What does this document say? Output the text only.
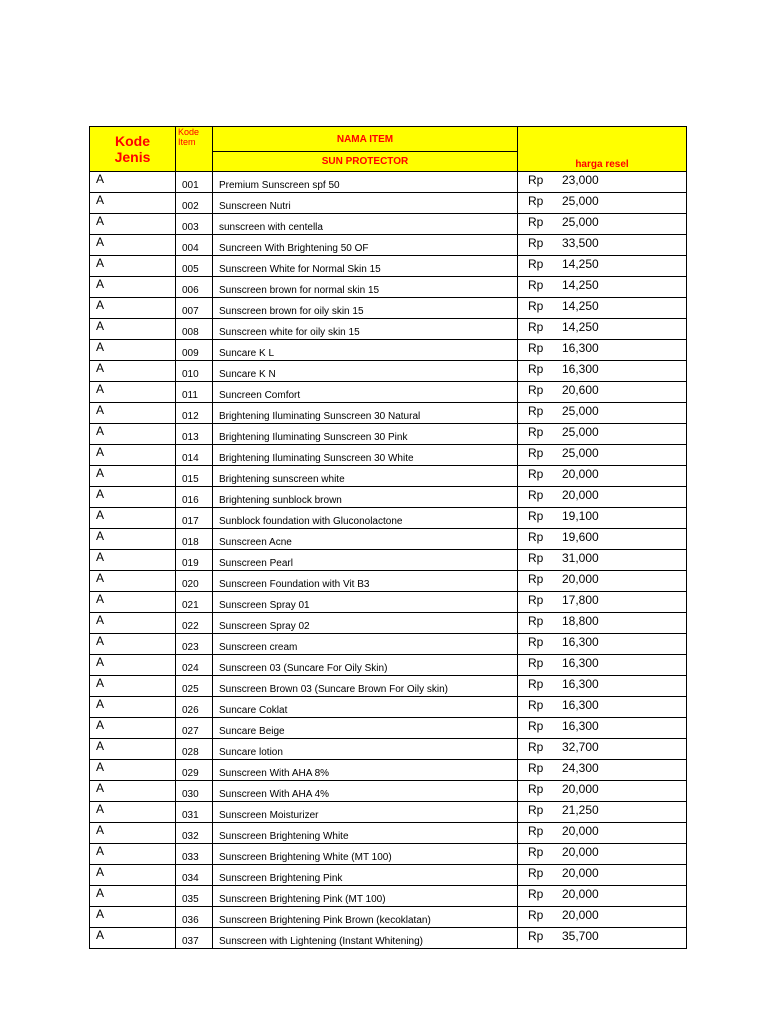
Kode Jenis	Kode Item	NAMA ITEM	harga resel
		SUN PROTECTOR	
A	001	Premium Sunscreen spf 50	Rp 23,000

A	002	Sunscreen Nutri	Rp 25,000

A	003	sunscreen with centella	Rp 25,000

A	004	Suncreen With Brightening 50 OF	Rp 33,500

A	005	Sunscreen White for Normal Skin 15	Rp 14,250

A	006	Sunscreen brown for normal skin 15	Rp 14,250

A	007	Sunscreen brown for oily skin 15	Rp 14,250

A	008	Sunscreen white for oily skin 15	Rp 14,250

A	009	Suncare K L	Rp 16,300

A	010	Suncare K N	Rp 16,300

A	011	Suncreen Comfort	Rp 20,600

A	012	Brightening Iluminating Sunscreen 30 Natural	Rp 25,000

A	013	Brightening Iluminating Sunscreen 30 Pink	Rp 25,000

A	014	Brightening Iluminating Sunscreen 30 White	Rp 25,000

A	015	Brightening sunscreen white	Rp 20,000

A	016	Brightening sunblock brown	Rp 20,000

A	017	Sunblock foundation with Gluconolactone	Rp 19,100

A	018	Sunscreen Acne	Rp 19,600

A	019	Sunscreen Pearl	Rp 31,000

A	020	Sunscreen Foundation with Vit B3	Rp 20,000

A	021	Sunscreen Spray 01	Rp 17,800

A	022	Sunscreen Spray 02	Rp 18,800

A	023	Sunscreen cream	Rp 16,300

A	024	Sunscreen 03 (Suncare For Oily Skin)	Rp 16,300

A	025	Sunscreen Brown 03 (Suncare Brown For Oily skin)	Rp 16,300

A	026	Suncare Coklat	Rp 16,300

A	027	Suncare Beige	Rp 16,300

A	028	Suncare lotion	Rp 32,700

A	029	Sunscreen With AHA 8%	Rp 24,300

A	030	Sunscreen With AHA 4%	Rp 20,000

A	031	Sunscreen Moisturizer	Rp 21,250

A	032	Sunscreen Brightening White	Rp 20,000

A	033	Sunscreen Brightening White (MT 100)	Rp 20,000

A	034	Sunscreen Brightening Pink	Rp 20,000

A	035	Sunscreen Brightening Pink (MT 100)	Rp 20,000

A	036	Sunscreen Brightening Pink Brown (kecoklatan)	Rp 20,000

A	037	Sunscreen with Lightening (Instant Whitening)	Rp 35,700
